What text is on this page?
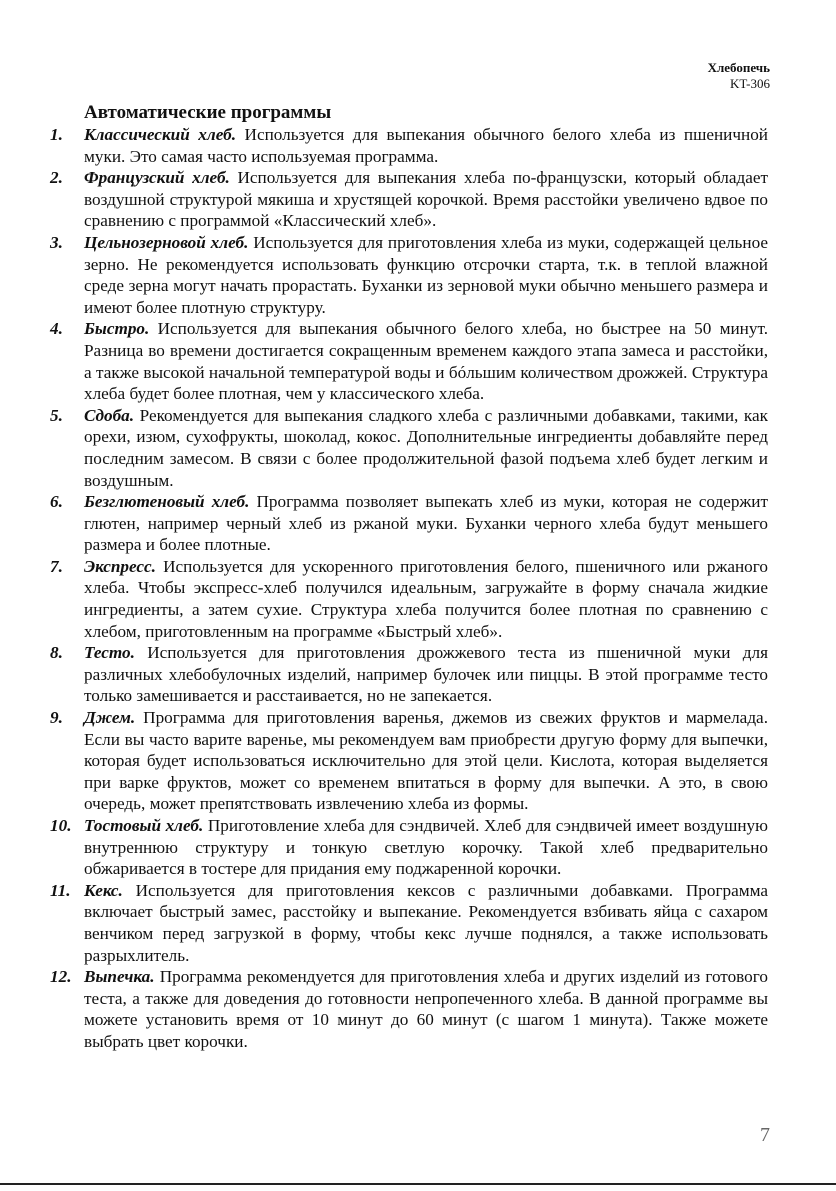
Хлебопечь
KT-306
Автоматические программы
1. Классический хлеб. Используется для выпекания обычного белого хлеба из пшеничной муки. Это самая часто используемая программа.
2. Французский хлеб. Используется для выпекания хлеба по-французски, который обладает воздушной структурой мякиша и хрустящей корочкой. Время расстойки увеличено вдвое по сравнению с программой «Классический хлеб».
3. Цельнозерновой хлеб. Используется для приготовления хлеба из муки, содержащей цельное зерно. Не рекомендуется использовать функцию отсрочки старта, т.к. в теплой влажной среде зерна могут начать прорастать. Буханки из зерновой муки обычно меньшего размера и имеют более плотную структуру.
4. Быстро. Используется для выпекания обычного белого хлеба, но быстрее на 50 минут. Разница во времени достигается сокращенным временем каждого этапа замеса и расстойки, а также высокой начальной температурой воды и бóльшим количеством дрожжей. Структура хлеба будет более плотная, чем у классического хлеба.
5. Сдоба. Рекомендуется для выпекания сладкого хлеба с различными добавками, такими, как орехи, изюм, сухофрукты, шоколад, кокос. Дополнительные ингредиенты добавляйте перед последним замесом. В связи с более продолжительной фазой подъема хлеб будет легким и воздушным.
6. Безглютеновый хлеб. Программа позволяет выпекать хлеб из муки, которая не содержит глютен, например черный хлеб из ржаной муки. Буханки черного хлеба будут меньшего размера и более плотные.
7. Экспресс. Используется для ускоренного приготовления белого, пшеничного или ржаного хлеба. Чтобы экспресс-хлеб получился идеальным, загружайте в форму сначала жидкие ингредиенты, а затем сухие. Структура хлеба получится более плотная по сравнению с хлебом, приготовленным на программе «Быстрый хлеб».
8. Тесто. Используется для приготовления дрожжевого теста из пшеничной муки для различных хлебобулочных изделий, например булочек или пиццы. В этой программе тесто только замешивается и расстаивается, но не запекается.
9. Джем. Программа для приготовления варенья, джемов из свежих фруктов и мармелада. Если вы часто варите варенье, мы рекомендуем вам приобрести другую форму для выпечки, которая будет использоваться исключительно для этой цели. Кислота, которая выделяется при варке фруктов, может со временем впитаться в форму для выпечки. А это, в свою очередь, может препятствовать извлечению хлеба из формы.
10. Тостовый хлеб. Приготовление хлеба для сэндвичей. Хлеб для сэндвичей имеет воздушную внутреннюю структуру и тонкую светлую корочку. Такой хлеб предварительно обжаривается в тостере для придания ему поджаренной корочки.
11. Кекс. Используется для приготовления кексов с различными добавками. Программа включает быстрый замес, расстойку и выпекание. Рекомендуется взбивать яйца с сахаром венчиком перед загрузкой в форму, чтобы кекс лучше поднялся, а также использовать разрыхлитель.
12. Выпечка. Программа рекомендуется для приготовления хлеба и других изделий из готового теста, а также для доведения до готовности непропеченного хлеба. В данной программе вы можете установить время от 10 минут до 60 минут (с шагом 1 минута). Также можете выбрать цвет корочки.
7
